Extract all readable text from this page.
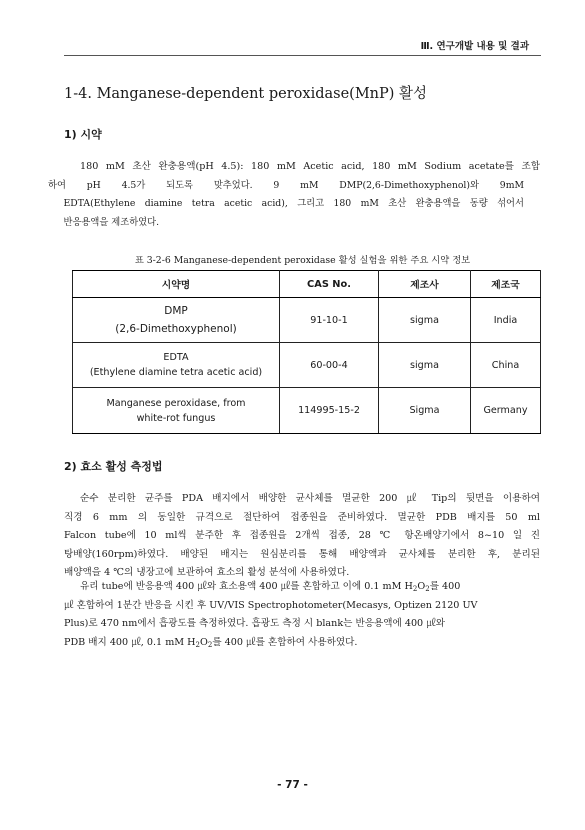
Ⅲ. 연구개발 내용 및 결과
1-4. Manganese-dependent peroxidase(MnP) 활성
1) 시약
180 mM 초산 완충용액(pH 4.5): 180 mM Acetic acid, 180 mM Sodium acetate를 조합
하여 pH 4.5가 되도록 맞추었다. 9 mM DMP(2,6-Dimethoxyphenol)와 9mM
EDTA(Ethylene diamine tetra acetic acid), 그리고 180 mM 초산 완충용액을 동량 섞어서
반응용액을 제조하였다.
표 3-2-6 Manganese-dependent peroxidase 활성 실험을 위한 주요 시약 정보
시약명	CAS No.	제조사	제조국

DMP
(2,6-Dimethoxyphenol)	91-10-1	sigma	India

EDTA
(Ethylene diamine tetra acetic acid)	60-00-4	sigma	China

Manganese peroxidase, from
white-rot fungus	114995-15-2	Sigma	Germany
2) 효소 활성 측정법
순수 분리한 균주를 PDA 배지에서 배양한 균사체를 멸균한 200 ㎕ Tip의 뒷면을 이용하여
직경 6 mm 의 동일한 규격으로 절단하여 접종원을 준비하였다. 멸균한 PDB 배지를 50 ml
Falcon tube에 10 ml씩 분주한 후 접종원을 2개씩 접종, 28 ℃ 항온배양기에서 8~10 일 진
탕배양(160rpm)하였다. 배양된 배지는 원심분리를 통해 배양액과 균사체를 분리한 후, 분리된
배양액을 4 ℃의 냉장고에 보관하여 효소의 활성 분석에 사용하였다.
유리 tube에 반응용액 400 ㎕와 효소용액 400 ㎕를 혼합하고 이에 0.1 mM $H_2O_2$를 400
㎕ 혼합하여 1분간 반응을 시킨 후 UV/VIS Spectrophotometer(Mecasys, Optizen 2120 UV
Plus)로 470 nm에서 흡광도를 측정하였다. 흡광도 측정 시 blank는 반응용액에 400 ㎕와
PDB 배지 400 ㎕, 0.1 mM $H_2O_2$를 400 ㎕를 혼합하여 사용하였다.
- 77 -
